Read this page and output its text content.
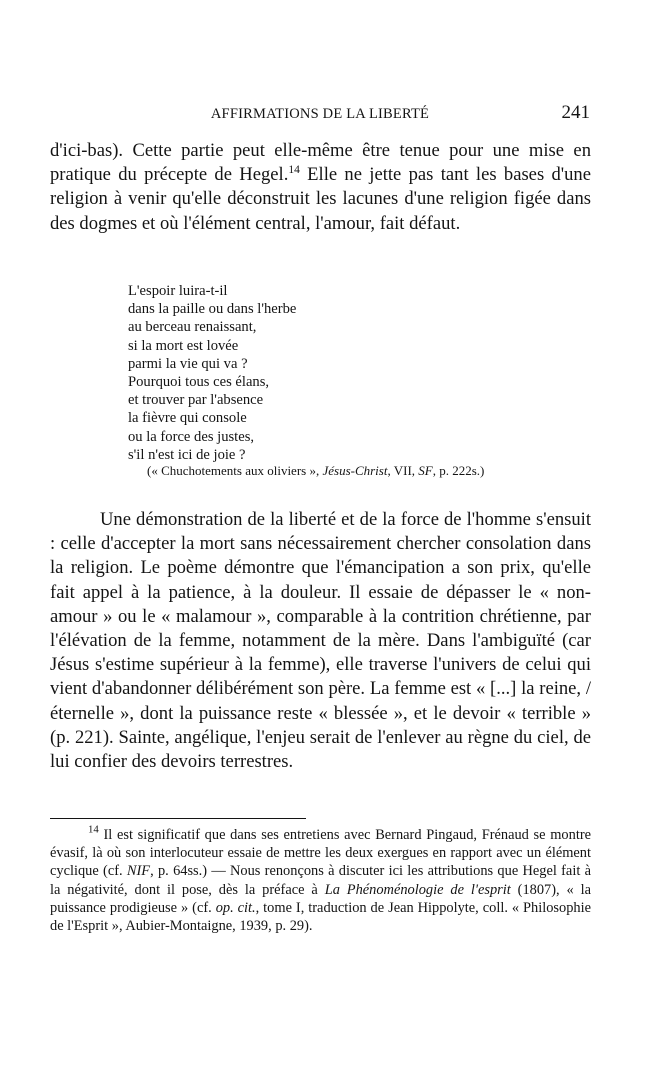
AFFIRMATIONS DE LA LIBERTÉ	241

d'ici-bas). Cette partie peut elle-même être tenue pour une mise en pratique du précepte de Hegel.$^{14}$ Elle ne jette pas tant les bases d'une religion à venir qu'elle déconstruit les lacunes d'une religion figée dans des dogmes et où l'élément central, l'amour, fait défaut.

L'espoir luira-t-il
dans la paille ou dans l'herbe
au berceau renaissant,
si la mort est lovée
parmi la vie qui va ?
Pourquoi tous ces élans,
et trouver par l'absence
la fièvre qui console
ou la force des justes,
s'il n'est ici de joie ?
(« Chuchotements aux oliviers », Jésus-Christ, VII, SF, p. 222s.)

Une démonstration de la liberté et de la force de l'homme s'ensuit : celle d'accepter la mort sans nécessairement chercher consolation dans la religion. Le poème démontre que l'émancipation a son prix, qu'elle fait appel à la patience, à la douleur. Il essaie de dépasser le « non-amour » ou le « malamour », comparable à la contrition chrétienne, par l'élévation de la femme, notamment de la mère. Dans l'ambiguïté (car Jésus s'estime supérieur à la femme), elle traverse l'univers de celui qui vient d'abandonner délibérément son père. La femme est « [...] la reine, / éternelle », dont la puissance reste « blessée », et le devoir « terrible » (p. 221). Sainte, angélique, l'enjeu serait de l'enlever au règne du ciel, de lui confier des devoirs terrestres.

$^{14}$ Il est significatif que dans ses entretiens avec Bernard Pingaud, Frénaud se montre évasif, là où son interlocuteur essaie de mettre les deux exergues en rapport avec un élément cyclique (cf. NIF, p. 64ss.) — Nous renonçons à discuter ici les attributions que Hegel fait à la négativité, dont il pose, dès la préface à La Phénoménologie de l'esprit (1807), « la puissance prodigieuse » (cf. op. cit., tome I, traduction de Jean Hippolyte, coll. « Philosophie de l'Esprit », Aubier-Montaigne, 1939, p. 29).
